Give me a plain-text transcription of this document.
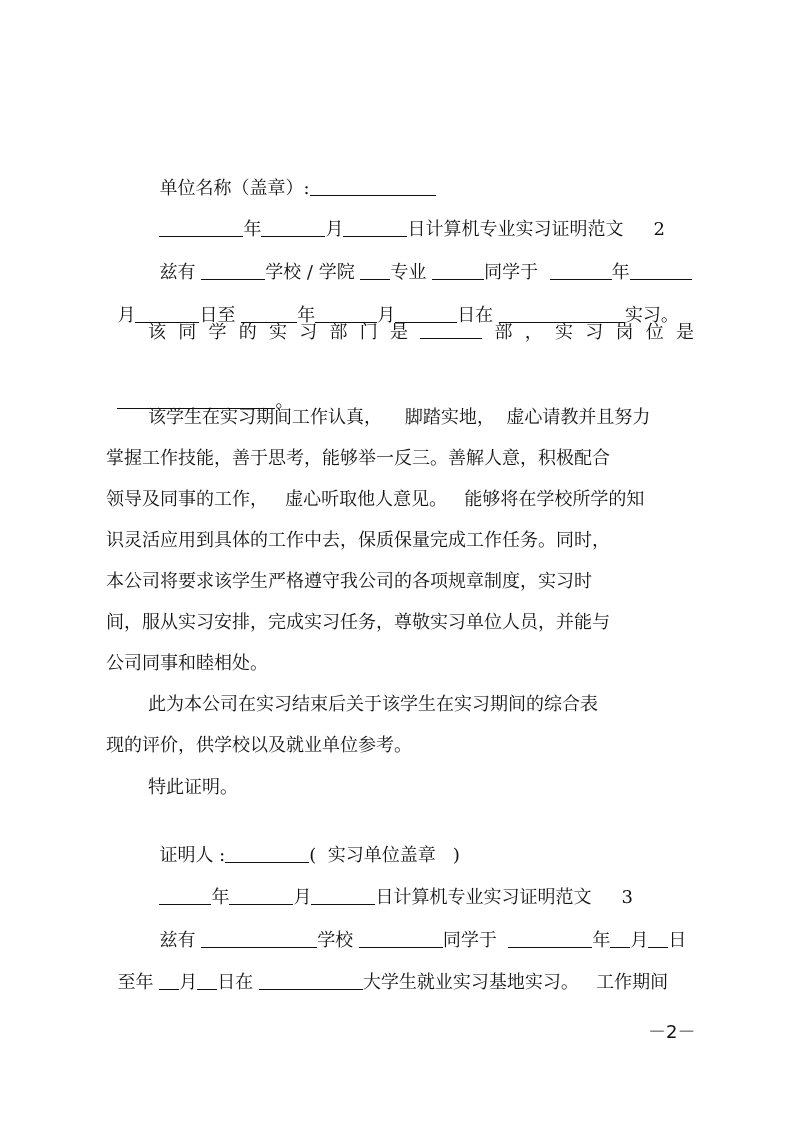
单位名称（盖章）:

年	月	日计算机专业实习证明范文 2

兹有	学校 / 学院 专业	同学于	年

月	日至	年	月	日在	实习。

该 同 学 的 实 习 部 门 是	部 ， 实 习 岗 位 是

。

该学生在实习期间工作认真，    脚踏实地，  虚心请教并且努力
掌握工作技能，善于思考，能够举一反三。善解人意，积极配合
领导及同事的工作，   虚心听取他人意见。   能够将在学校所学的知
识灵活应用到具体的工作中去，保质保量完成工作任务。同时，
本公司将要求该学生严格遵守我公司的各项规章制度，实习时
间，服从实习安排，完成实习任务，尊敬实习单位人员，并能与
公司同事和睦相处。
此为本公司在实习结束后关于该学生在实习期间的综合表
现的评价，供学校以及就业单位参考。
特此证明。

证明人 :	(  实习单位盖章   )

年	月	日计算机专业实习证明范文 3

兹有	学校	同学于	年 月 日

至年 月 日在	大学生就业实习基地实习。 工作期间

－2－
